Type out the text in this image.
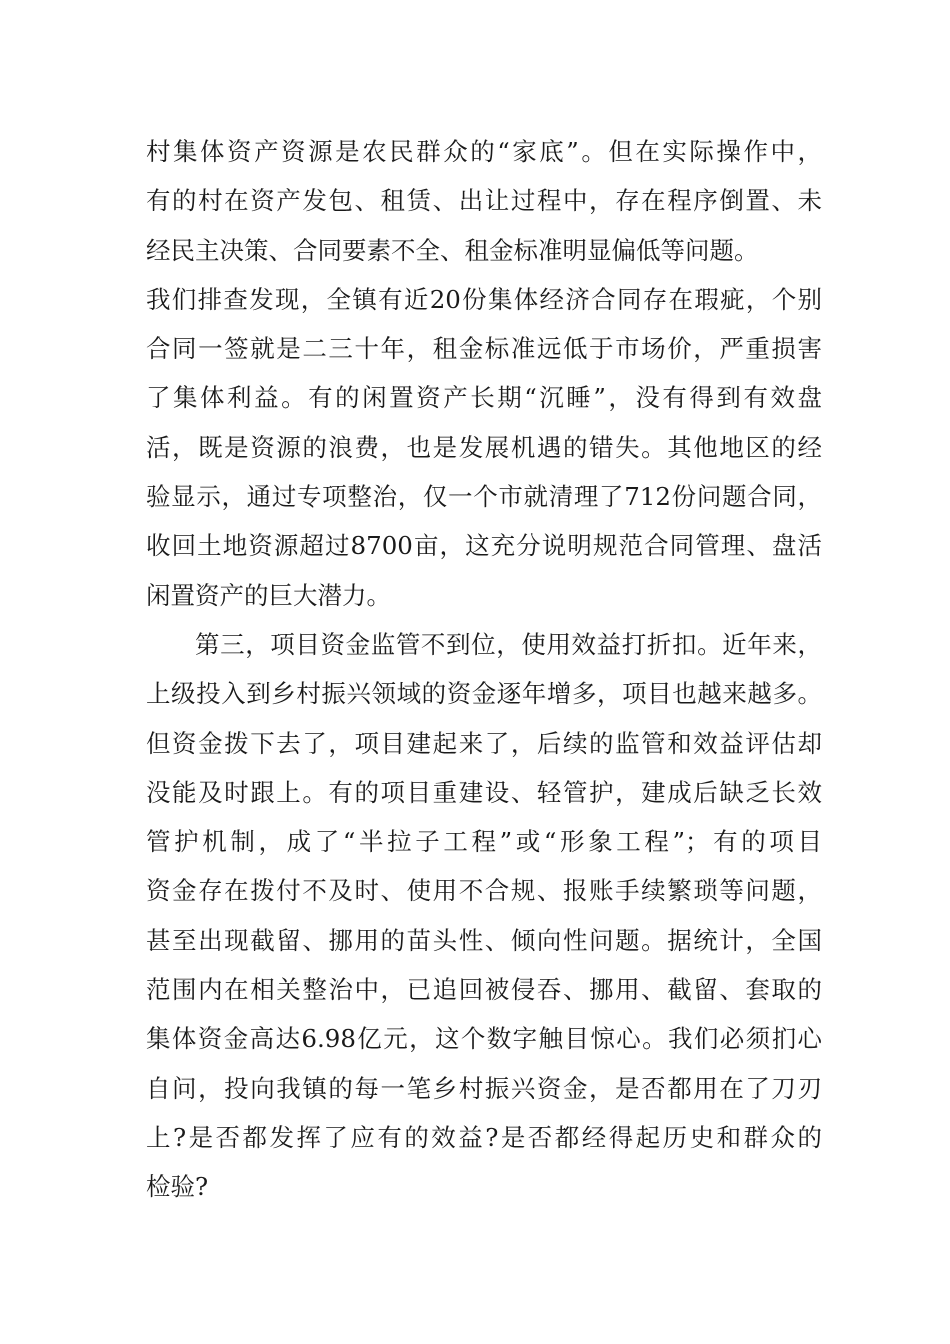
村集体资产资源是农民群众的“家底”。但在实际操作中，
有的村在资产发包、租赁、出让过程中，存在程序倒置、未
经民主决策、合同要素不全、租金标准明显偏低等问题。
我们排查发现，全镇有近20份集体经济合同存在瑕疵，个别
合同一签就是二三十年，租金标准远低于市场价，严重损害
了集体利益。有的闲置资产长期“沉睡”，没有得到有效盘
活，既是资源的浪费，也是发展机遇的错失。其他地区的经
验显示，通过专项整治，仅一个市就清理了712份问题合同，
收回土地资源超过8700亩，这充分说明规范合同管理、盘活
闲置资产的巨大潜力。
第三，项目资金监管不到位，使用效益打折扣。近年来，
上级投入到乡村振兴领域的资金逐年增多，项目也越来越多。
但资金拨下去了，项目建起来了，后续的监管和效益评估却
没能及时跟上。有的项目重建设、轻管护，建成后缺乏长效
管护机制，成了“半拉子工程”或“形象工程”；有的项目
资金存在拨付不及时、使用不合规、报账手续繁琐等问题，
甚至出现截留、挪用的苗头性、倾向性问题。据统计，全国
范围内在相关整治中，已追回被侵吞、挪用、截留、套取的
集体资金高达6.98亿元，这个数字触目惊心。我们必须扪心
自问，投向我镇的每一笔乡村振兴资金，是否都用在了刀刃
上?是否都发挥了应有的效益?是否都经得起历史和群众的
检验?
